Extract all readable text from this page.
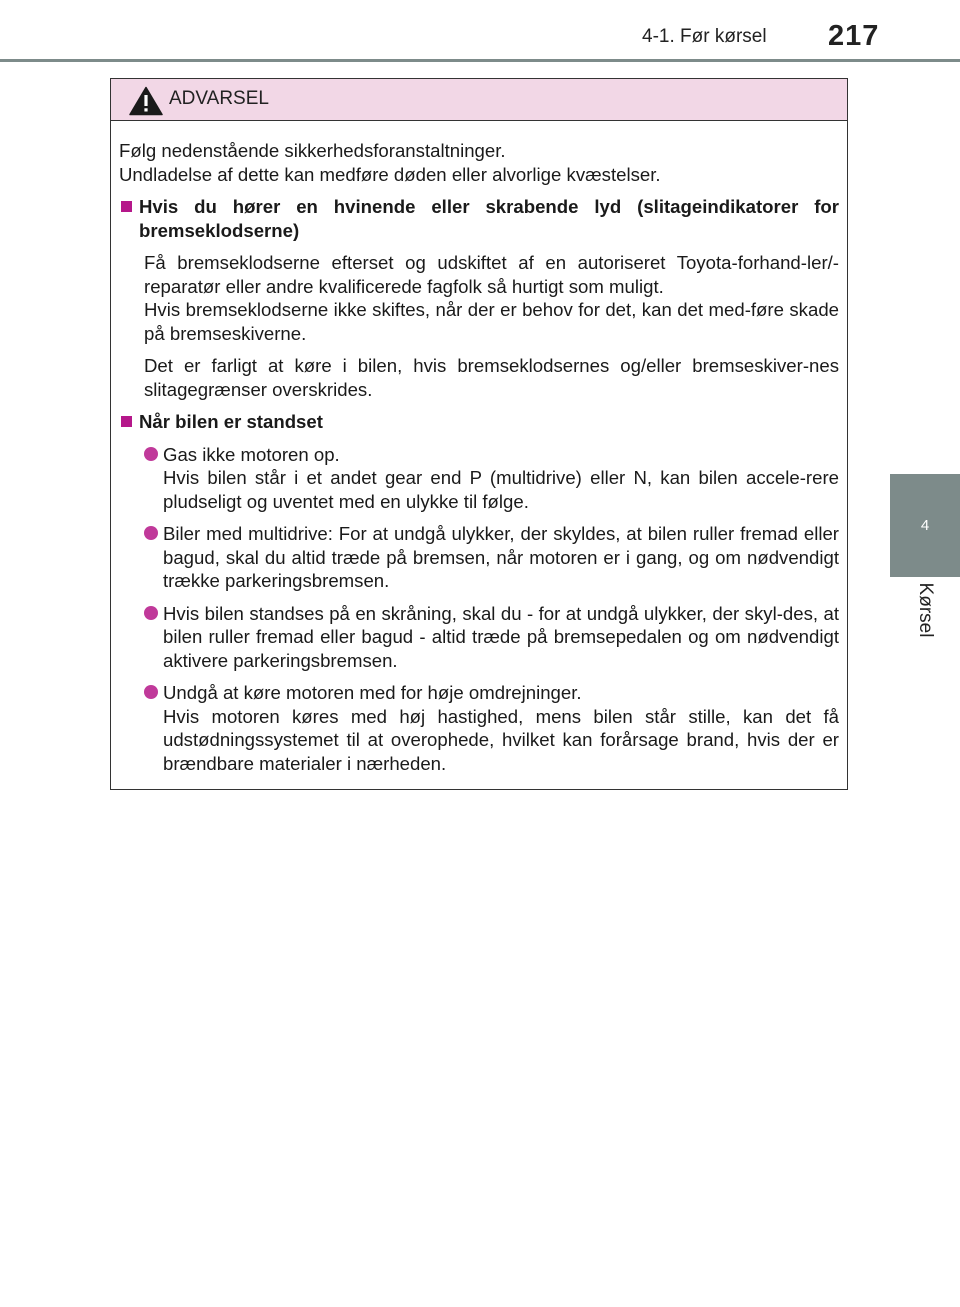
4-1. Før kørsel 217
4
Kørsel
ADVARSEL
Følg nedenstående sikkerhedsforanstaltninger.
Undladelse af dette kan medføre døden eller alvorlige kvæstelser.
Hvis du hører en hvinende eller skrabende lyd (slitageindikatorer for bremseklodserne)
Få bremseklodserne efterset og udskiftet af en autoriseret Toyota-forhand-ler/-reparatør eller andre kvalificerede fagfolk så hurtigt som muligt.
Hvis bremseklodserne ikke skiftes, når der er behov for det, kan det med-føre skade på bremseskiverne.
Det er farligt at køre i bilen, hvis bremseklodsernes og/eller bremseskiver-nes slitagegrænser overskrides.
Når bilen er standset
Gas ikke motoren op.
Hvis bilen står i et andet gear end P (multidrive) eller N, kan bilen accele-rere pludseligt og uventet med en ulykke til følge.
Biler med multidrive: For at undgå ulykker, der skyldes, at bilen ruller fremad eller bagud, skal du altid træde på bremsen, når motoren er i gang, og om nødvendigt trække parkeringsbremsen.
Hvis bilen standses på en skråning, skal du - for at undgå ulykker, der skyl-des, at bilen ruller fremad eller bagud - altid træde på bremsepedalen og om nødvendigt aktivere parkeringsbremsen.
Undgå at køre motoren med for høje omdrejninger.
Hvis motoren køres med høj hastighed, mens bilen står stille, kan det få udstødningssystemet til at overophede, hvilket kan forårsage brand, hvis der er brændbare materialer i nærheden.
